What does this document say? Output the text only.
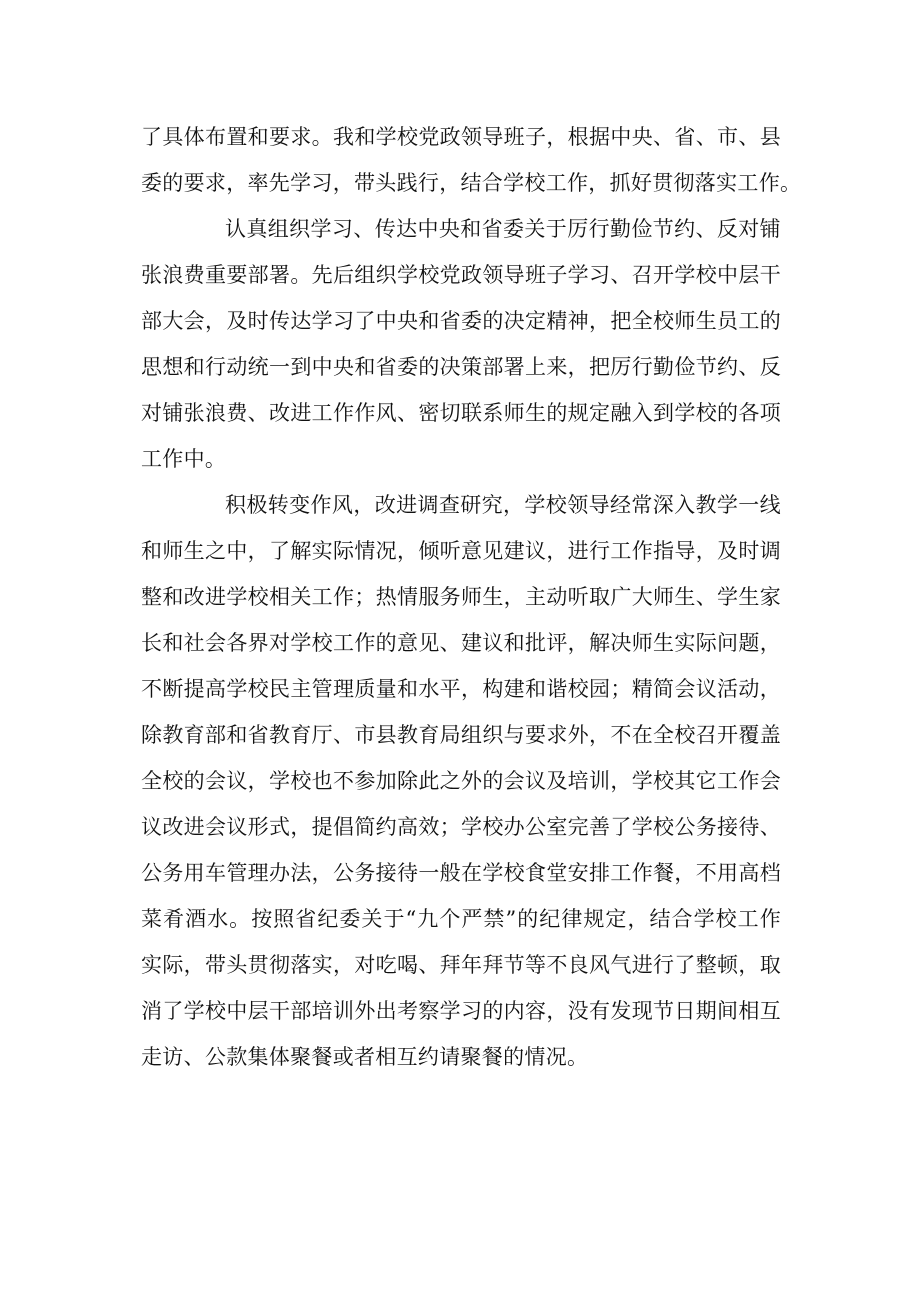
了具体布置和要求。我和学校党政领导班子，根据中央、省、市、县
委的要求，率先学习，带头践行，结合学校工作，抓好贯彻落实工作。
认真组织学习、传达中央和省委关于厉行勤俭节约、反对铺
张浪费重要部署。先后组织学校党政领导班子学习、召开学校中层干
部大会，及时传达学习了中央和省委的决定精神，把全校师生员工的
思想和行动统一到中央和省委的决策部署上来，把厉行勤俭节约、反
对铺张浪费、改进工作作风、密切联系师生的规定融入到学校的各项
工作中。
积极转变作风，改进调查研究，学校领导经常深入教学一线
和师生之中，了解实际情况，倾听意见建议，进行工作指导，及时调
整和改进学校相关工作；热情服务师生，主动听取广大师生、学生家
长和社会各界对学校工作的意见、建议和批评，解决师生实际问题，
不断提高学校民主管理质量和水平，构建和谐校园；精简会议活动，
除教育部和省教育厅、市县教育局组织与要求外，不在全校召开覆盖
全校的会议，学校也不参加除此之外的会议及培训，学校其它工作会
议改进会议形式，提倡简约高效；学校办公室完善了学校公务接待、
公务用车管理办法，公务接待一般在学校食堂安排工作餐，不用高档
菜肴酒水。按照省纪委关于“九个严禁”的纪律规定，结合学校工作
实际，带头贯彻落实，对吃喝、拜年拜节等不良风气进行了整顿，取
消了学校中层干部培训外出考察学习的内容，没有发现节日期间相互
走访、公款集体聚餐或者相互约请聚餐的情况。
